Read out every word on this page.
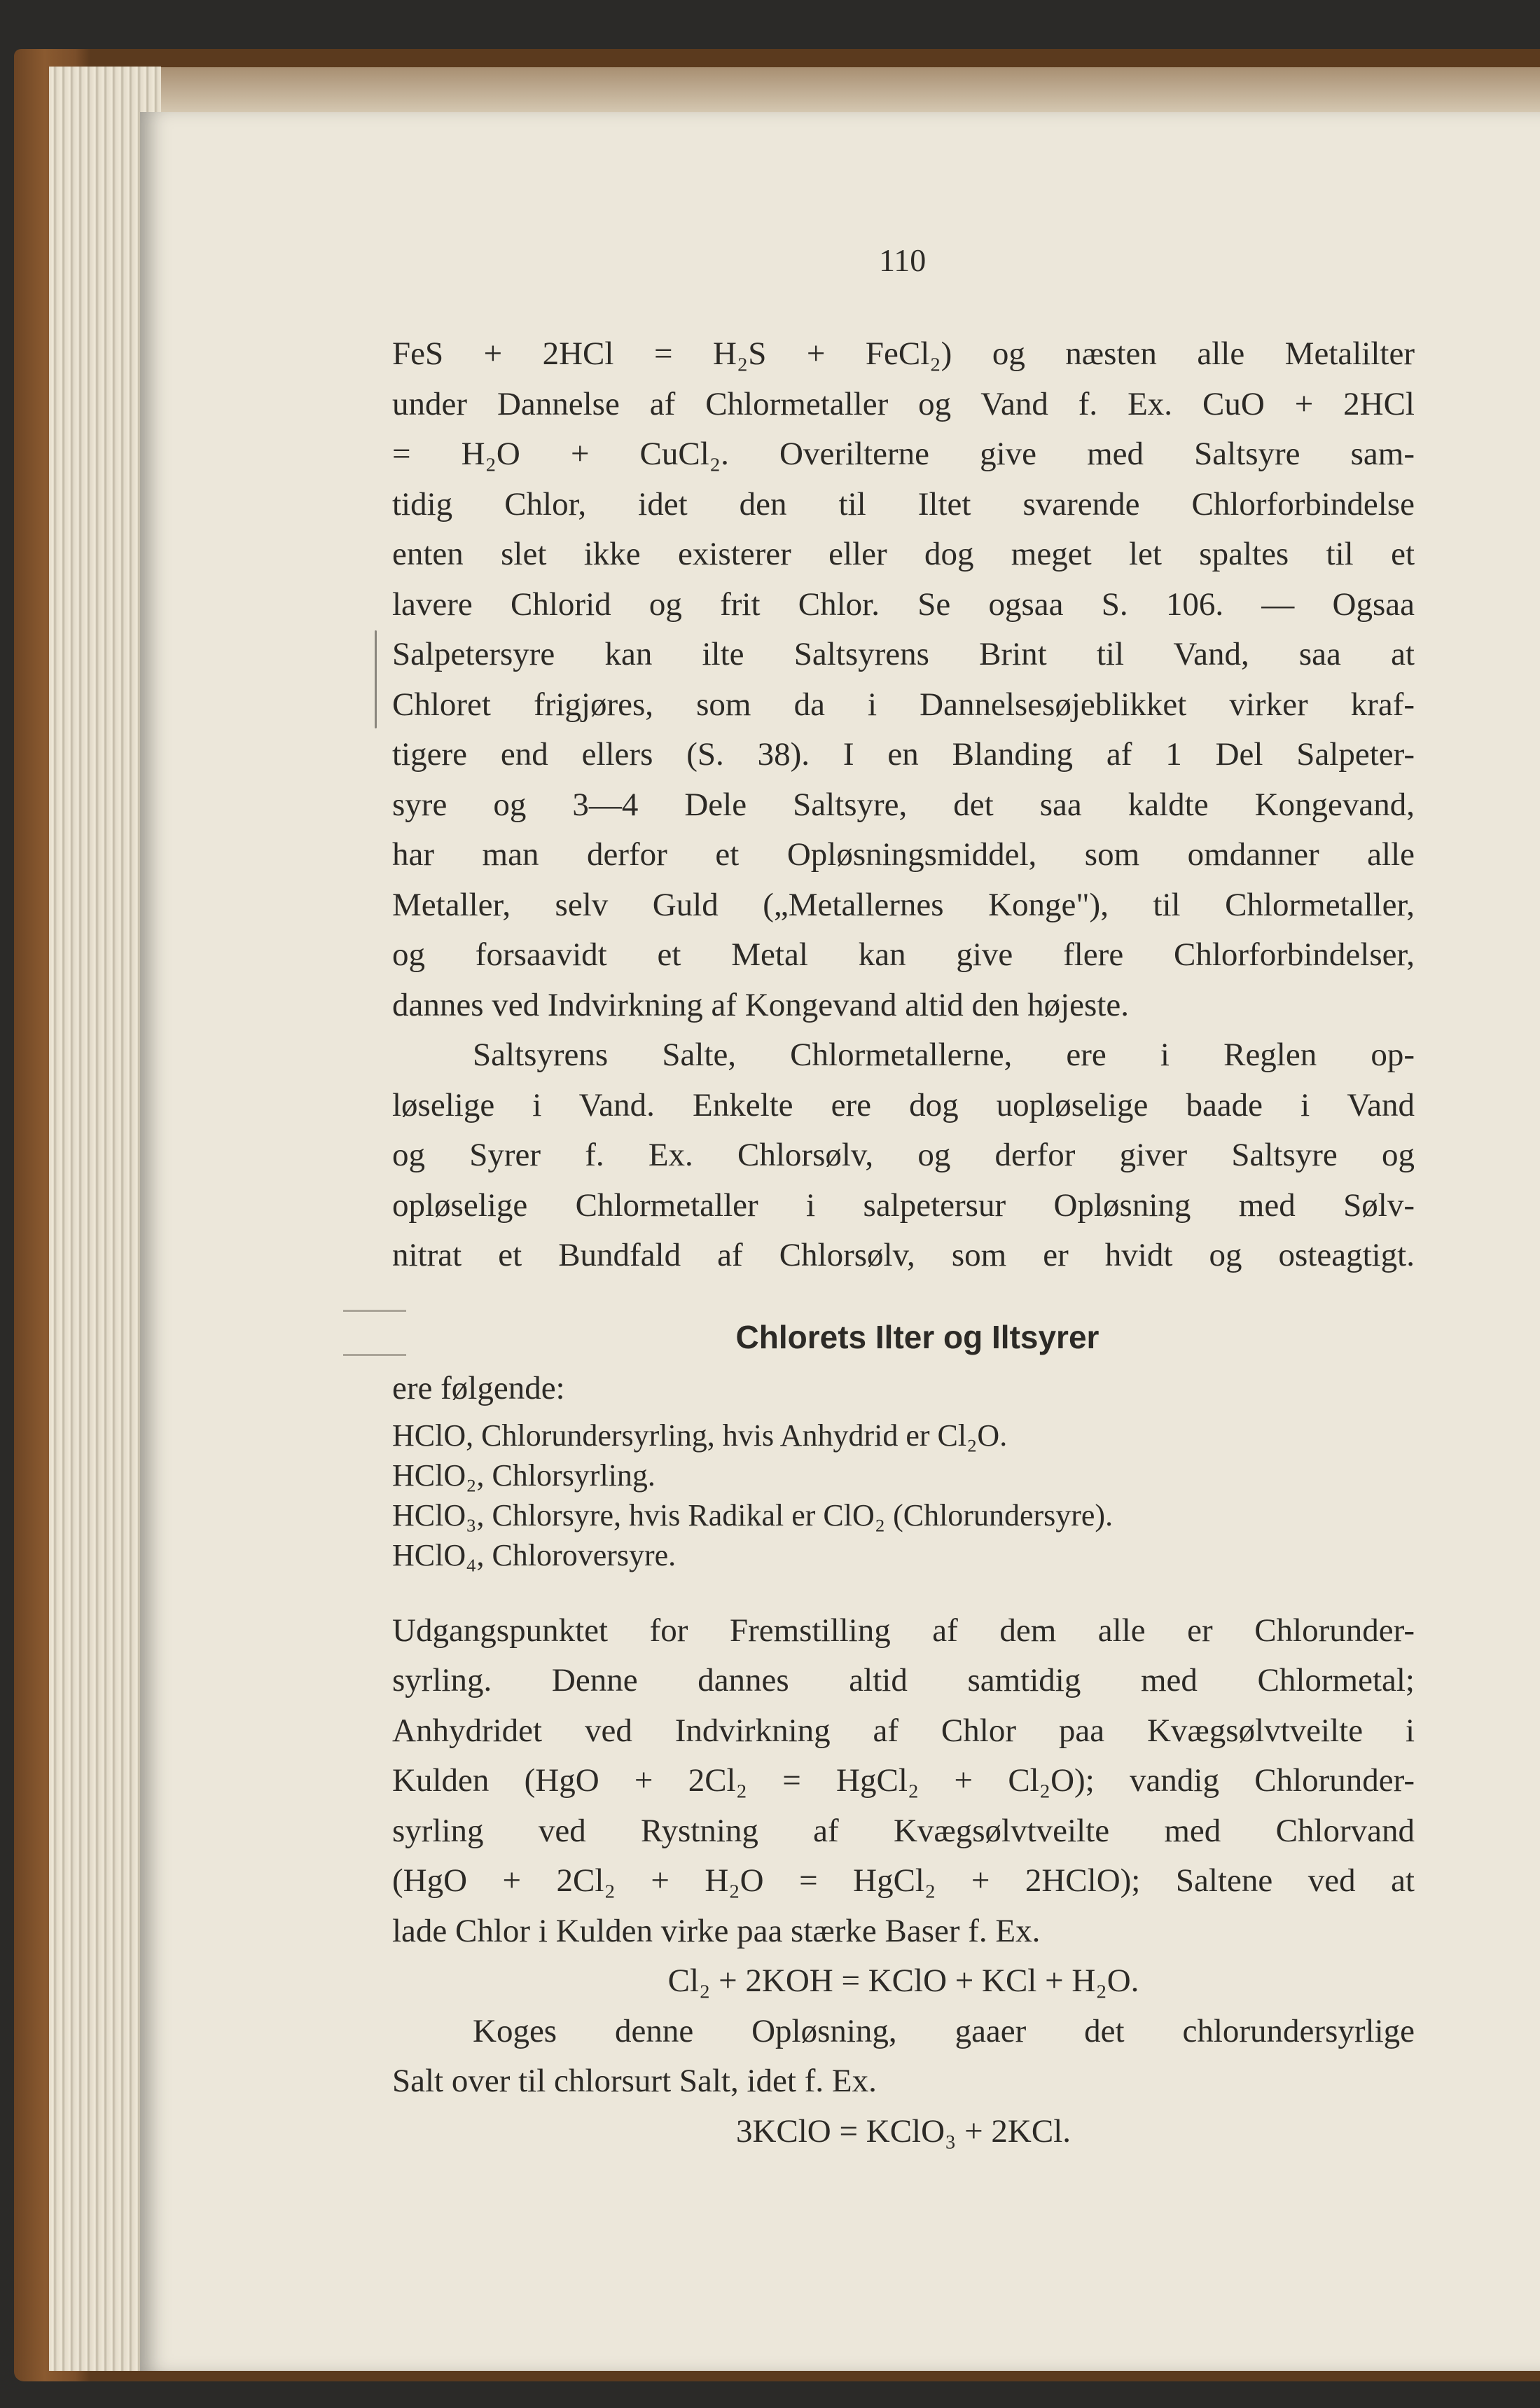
110
FeS + 2HCl = H₂S + FeCl₂) og næsten alle Metalilter
under Dannelse af Chlormetaller og Vand f. Ex. CuO + 2HCl
= H₂O + CuCl₂. Overilterne give med Saltsyre sam-
tidig Chlor, idet den til Iltet svarende Chlorforbindelse
enten slet ikke existerer eller dog meget let spaltes til et
lavere Chlorid og frit Chlor. Se ogsaa S. 106. — Ogsaa
Salpetersyre kan ilte Saltsyrens Brint til Vand, saa at
Chloret frigjøres, som da i Dannelsesøjeblikket virker kraf-
tigere end ellers (S. 38). I en Blanding af 1 Del Salpeter-
syre og 3—4 Dele Saltsyre, det saa kaldte Kongevand,
har man derfor et Opløsningsmiddel, som omdanner alle
Metaller, selv Guld („Metallernes Konge"), til Chlormetaller,
og forsaavidt et Metal kan give flere Chlorforbindelser,
dannes ved Indvirkning af Kongevand altid den højeste.
Saltsyrens Salte, Chlormetallerne, ere i Reglen op-
løselige i Vand. Enkelte ere dog uopløselige baade i Vand
og Syrer f. Ex. Chlorsølv, og derfor giver Saltsyre og
opløselige Chlormetaller i salpetersur Opløsning med Sølv-
nitrat et Bundfald af Chlorsølv, som er hvidt og osteagtigt.
Chlorets Ilter og Iltsyrer
ere følgende:
HClO, Chlorundersyrling, hvis Anhydrid er Cl₂O.
HClO₂, Chlorsyrling.
HClO₃, Chlorsyre, hvis Radikal er ClO₂ (Chlorundersyre).
HClO₄, Chloroversyre.
Udgangspunktet for Fremstilling af dem alle er Chlorunder-
syrling. Denne dannes altid samtidig med Chlormetal;
Anhydridet ved Indvirkning af Chlor paa Kvægsølvtveilte i
Kulden (HgO + 2Cl₂ = HgCl₂ + Cl₂O); vandig Chlorunder-
syrling ved Rystning af Kvægsølvtveilte med Chlorvand
(HgO + 2Cl₂ + H₂O = HgCl₂ + 2HClO); Saltene ved at
lade Chlor i Kulden virke paa stærke Baser f. Ex.
Cl₂ + 2KOH = KClO + KCl + H₂O.
Koges denne Opløsning, gaaer det chlorundersyrlige
Salt over til chlorsurt Salt, idet f. Ex.
3KClO = KClO₃ + 2KCl.
